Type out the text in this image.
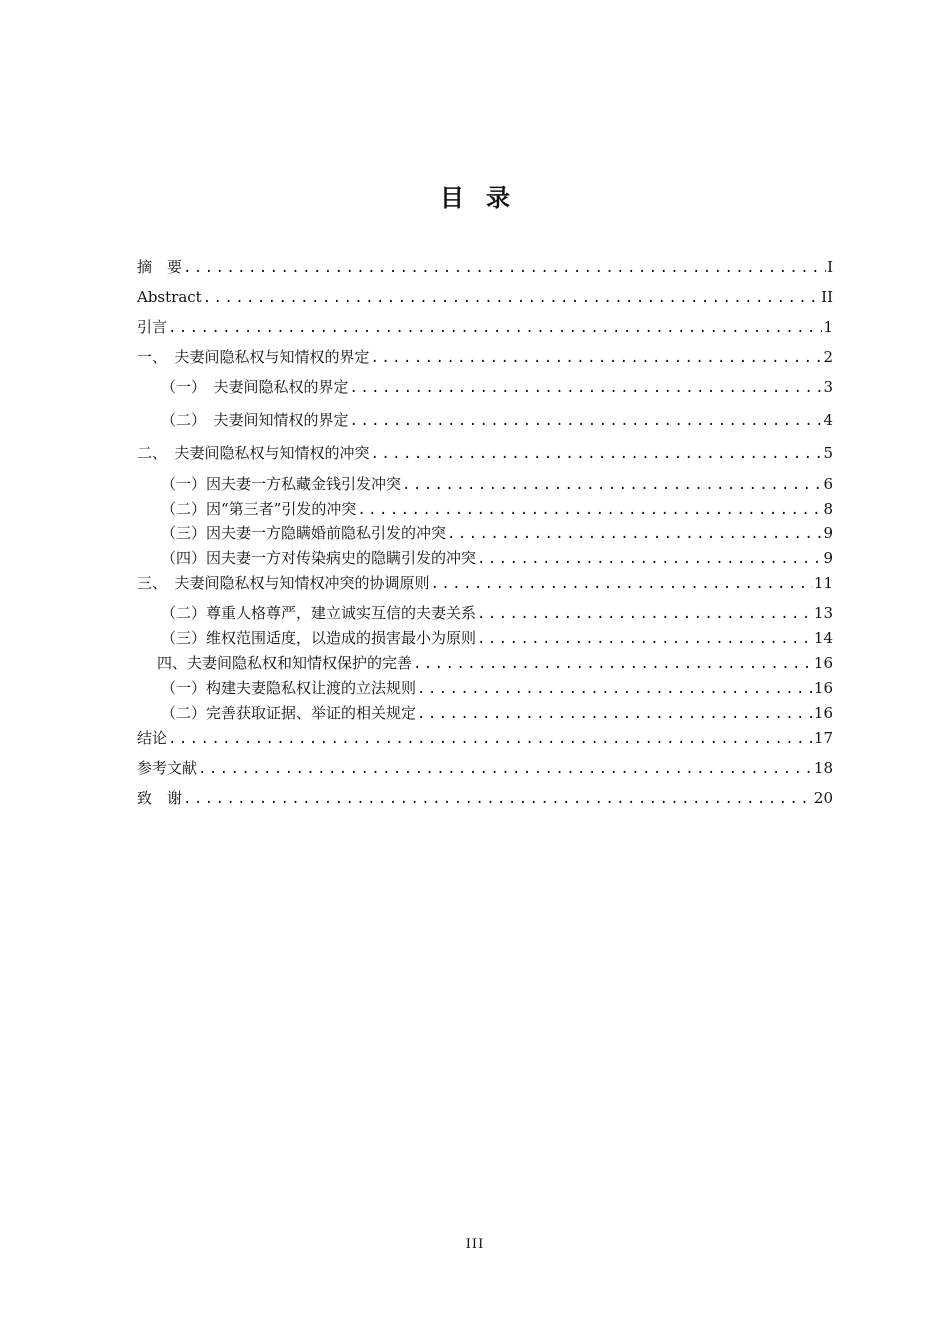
目录
摘　要 .....	I
Abstract .....	II
引言 .....	1
一、　夫妻间隐私权与知情权的界定 .....	2
（一）　夫妻间隐私权的界定 .....	3
（二）　夫妻间知情权的界定 .....	4
二、　夫妻间隐私权与知情权的冲突 .....	5
（一）因夫妻一方私藏金钱引发冲突 .....	6
（二）因“第三者”引发的冲突 .....	8
（三）因夫妻一方隐瞒婚前隐私引发的冲突 .....	9
（四）因夫妻一方对传染病史的隐瞒引发的冲突 .....	9
三、　夫妻间隐私权与知情权冲突的协调原则 .....	11
（二）尊重人格尊严，建立诚实互信的夫妻关系 .....	13
（三）维权范围适度，以造成的损害最小为原则 .....	14
四、夫妻间隐私权和知情权保护的完善 .....	16
（一）构建夫妻隐私权让渡的立法规则 .....	16
（二）完善获取证据、举证的相关规定 .....	16
结论 .....	17
参考文献 .....	18
致　谢 .....	20
III
